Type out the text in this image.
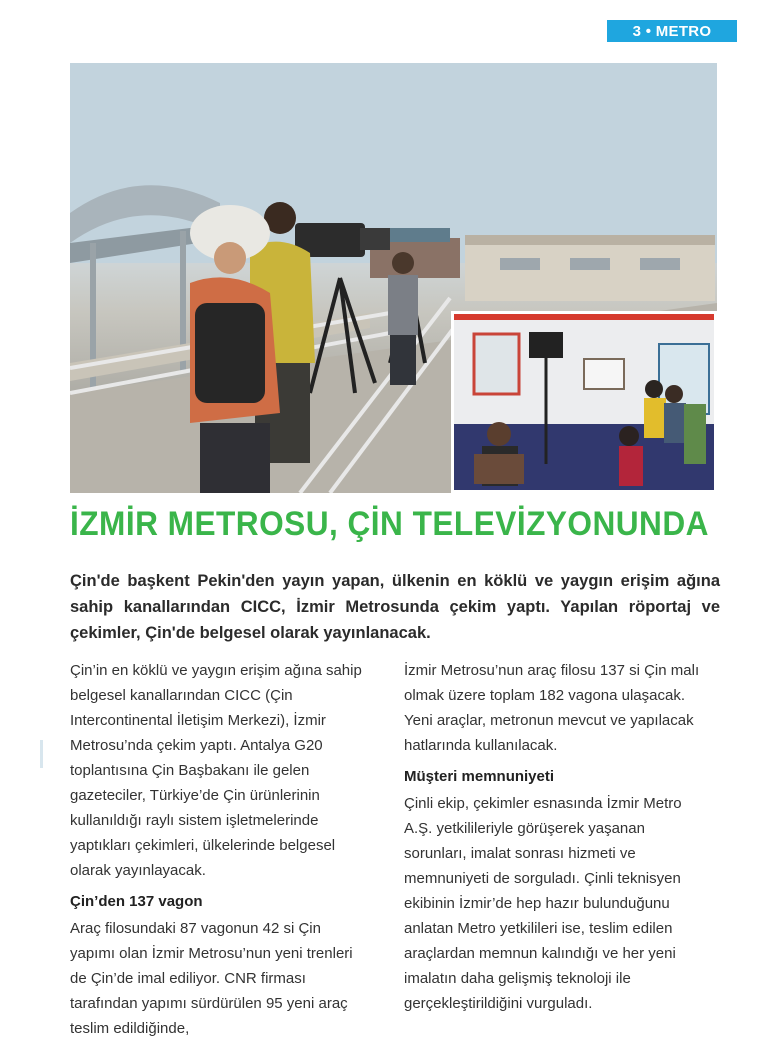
3 • METRO
İZMİR METROSU, ÇİN TELEVİZYONUNDA
Çin'de başkent Pekin'den yayın yapan, ülkenin en köklü ve yaygın erişim ağına sahip kanallarından CICC, İzmir Metrosunda çekim yaptı. Yapılan röportaj ve çekimler, Çin'de belgesel olarak yayınlanacak.

Çin’in en köklü ve yaygın erişim ağına sahip belgesel kanallarından CICC (Çin Intercontinental İletişim Merkezi), İzmir Metrosu’nda çekim yaptı. Antalya G20 toplantısına Çin Başbakanı ile gelen gazeteciler, Türkiye’de Çin ürünlerinin kullanıldığı raylı sistem işletmelerinde yaptıkları çekimleri, ülkelerinde belgesel olarak yayınlayacak.

Çin’den 137 vagon

Araç filosundaki 87 vagonun 42 si Çin yapımı olan İzmir Metrosu’nun yeni trenleri de Çin’de imal ediliyor. CNR firması tarafından yapımı sürdürülen 95 yeni araç teslim edildiğinde,

İzmir Metrosu’nun araç filosu 137 si Çin malı olmak üzere toplam 182 vagona ulaşacak. Yeni araçlar, metronun mevcut ve yapılacak hatlarında kullanılacak.

Müşteri memnuniyeti

Çinli ekip, çekimler esnasında İzmir Metro A.Ş. yetkilileriyle görüşerek yaşanan sorunları, imalat sonrası hizmeti ve memnuniyeti de sorguladı. Çinli teknisyen ekibinin İzmir’de hep hazır bulunduğunu anlatan Metro yetkilileri ise, teslim edilen araçlardan memnun kalındığı ve her yeni imalatın daha gelişmiş teknoloji ile gerçekleştirildiğini vurguladı.
